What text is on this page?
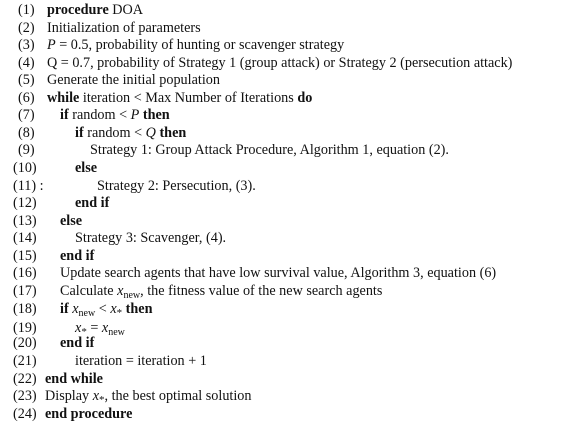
(1) procedure DOA
(2) Initialization of parameters
(3) P = 0.5, probability of hunting or scavenger strategy
(4) Q = 0.7, probability of Strategy 1 (group attack) or Strategy 2 (persecution attack)
(5) Generate the initial population
(6) while iteration < Max Number of Iterations do
(7) if random < P then
(8)	if random < Q then
(9)	Strategy 1: Group Attack Procedure, Algorithm 1, equation (2).
(10)	else
(11) :	Strategy 2: Persecution, (3).
(12)	end if
(13) else
(14)	Strategy 3: Scavenger, (4).
(15) end if
(16) Update search agents that have low survival value, Algorithm 3, equation (6)
(17) Calculate $x_{new}$, the fitness value of the new search agents
(18) if $x_{new} < x_*$ then
(19)	$x_* = x_{new}$
(20) end if
(21)	iteration = iteration + 1
(22) end while
(23) Display $x_*$, the best optimal solution
(24) end procedure
